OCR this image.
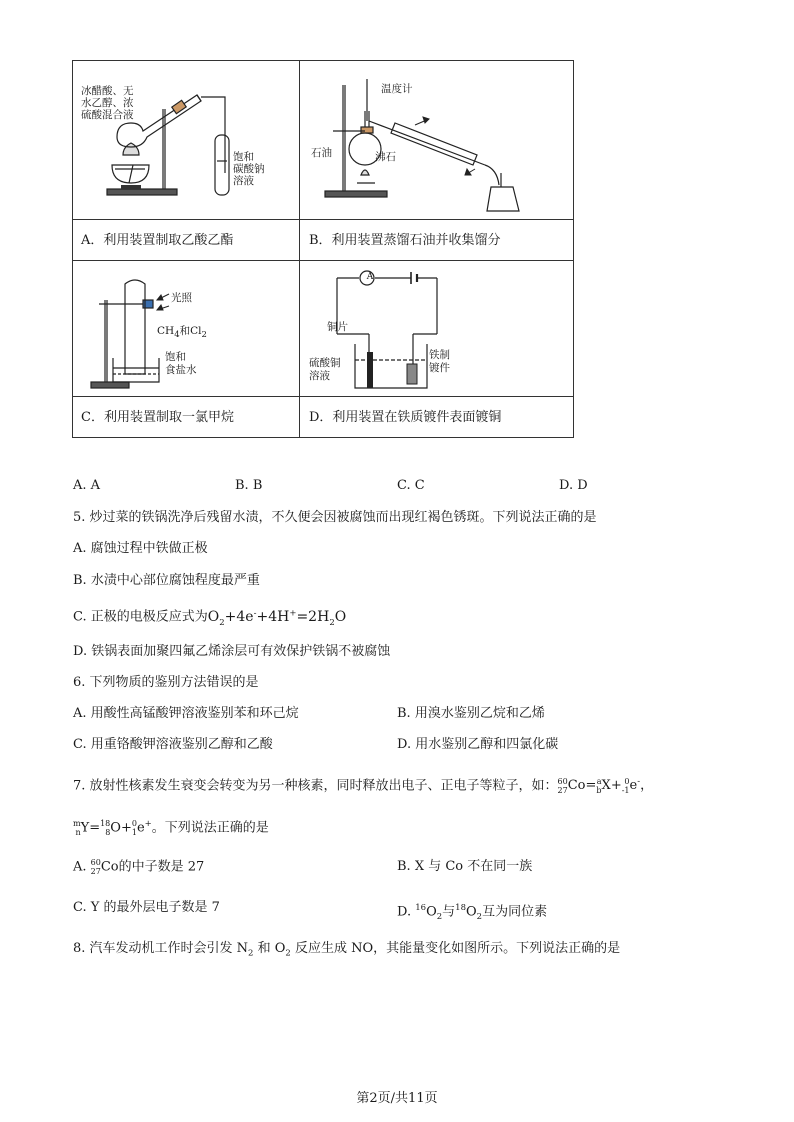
冰醋酸、无
水乙醇、浓
硫酸混合液
饱和
碳酸钠
溶液
温度计
石油	沸石
A．利用装置制取乙酸乙酯	B．利用装置蒸馏石油并收集馏分
光照
$CH_4$和$Cl_2$
饱和
食盐水
A
铜片
硫酸铜
溶液
铁制
镀件
C．利用装置制取一氯甲烷	D．利用装置在铁质镀件表面镀铜
A. A	B. B	C. C	D. D
5. 炒过菜的铁锅洗净后残留水渍，不久便会因被腐蚀而出现红褐色锈斑。下列说法正确的是
A. 腐蚀过程中铁做正极
B. 水渍中心部位腐蚀程度最严重
C. 正极的电极反应式为$O_2+4e^-+4H^+=2H_2O$
D. 铁锅表面加聚四氟乙烯涂层可有效保护铁锅不被腐蚀
6. 下列物质的鉴别方法错误的是
A. 用酸性高锰酸钾溶液鉴别苯和环己烷	B. 用溴水鉴别乙烷和乙烯
C. 用重铬酸钾溶液鉴别乙醇和乙酸	D. 用水鉴别乙醇和四氯化碳
7. 放射性核素发生衰变会转变为另一种核素，同时释放出电子、正电子等粒子，如： 60
27 Co= a
b X+ 0
-1 e-，
m
n Y= 18
8 O+ 0
1 e+。下列说法正确的是
A. 60
27 Co的中子数是 27	B. X 与 Co 不在同一族
C. Y 的最外层电子数是 7	D. $^{16}O_2$与$^{18}O_2$互为同位素
8. 汽车发动机工作时会引发 $N_2$ 和 $O_2$ 反应生成 NO，其能量变化如图所示。下列说法正确的是
第2页/共11页
